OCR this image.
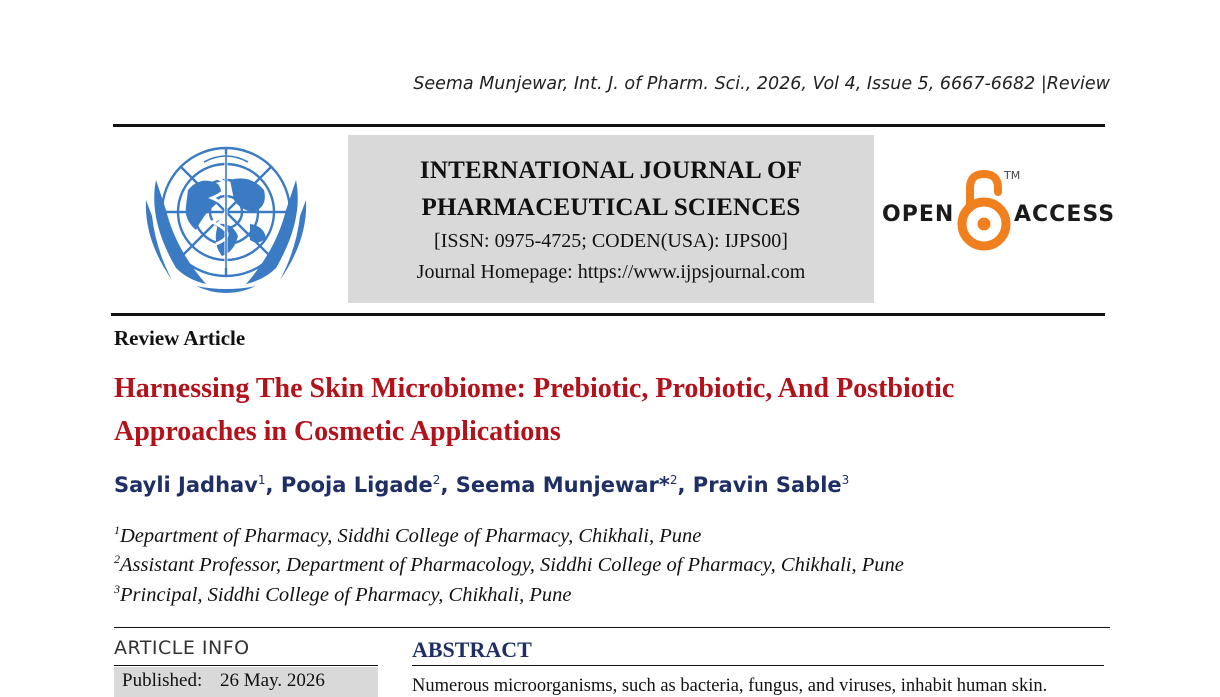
Seema Munjewar, Int. J. of Pharm. Sci., 2026, Vol 4, Issue 5, 6667-6682 |Review
INTERNATIONAL JOURNAL OF
PHARMACEUTICAL SCIENCES
[ISSN: 0975-4725; CODEN(USA): IJPS00]
Journal Homepage: https://www.ijpsjournal.com
OPEN
TM
ACCESS
Review Article
Harnessing The Skin Microbiome: Prebiotic, Probiotic, And Postbiotic
Approaches in Cosmetic Applications
Sayli Jadhav$^1$, Pooja Ligade$^2$, Seema Munjewar*$^2$, Pravin Sable$^3$
$^1$Department of Pharmacy, Siddhi College of Pharmacy, Chikhali, Pune
$^2$Assistant Professor, Department of Pharmacology, Siddhi College of Pharmacy, Chikhali, Pune
$^3$Principal, Siddhi College of Pharmacy, Chikhali, Pune
ARTICLE INFO
Published: 26 May. 2026
ABSTRACT
Numerous microorganisms, such as bacteria, fungus, and viruses, inhabit human skin.
